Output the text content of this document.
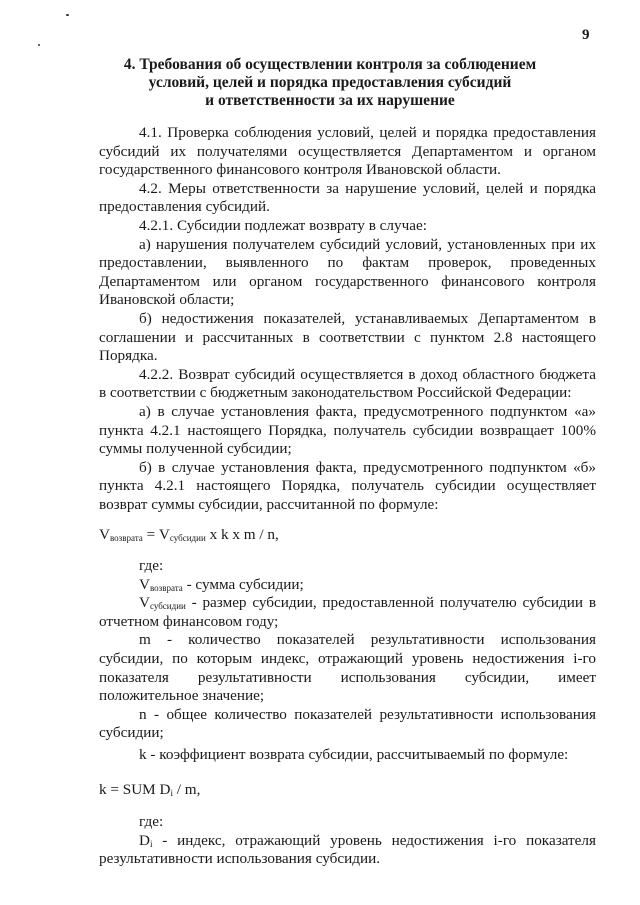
9
4. Требования об осуществлении контроля за соблюдением
условий, целей и порядка предоставления субсидий
и ответственности за их нарушение

4.1. Проверка соблюдения условий, целей и порядка предоставления субсидий их получателями осуществляется Департаментом и органом государственного финансового контроля Ивановской области.

4.2. Меры ответственности за нарушение условий, целей и порядка предоставления субсидий.

4.2.1. Субсидии подлежат возврату в случае:

а) нарушения получателем субсидий условий, установленных при их предоставлении, выявленного по фактам проверок, проведенных Департаментом или органом государственного финансового контроля Ивановской области;

б) недостижения показателей, устанавливаемых Департаментом в соглашении и рассчитанных в соответствии с пунктом 2.8 настоящего Порядка.

4.2.2. Возврат субсидий осуществляется в доход областного бюджета в соответствии с бюджетным законодательством Российской Федерации:

а) в случае установления факта, предусмотренного подпунктом «а» пункта 4.2.1 настоящего Порядка, получатель субсидии возвращает 100% суммы полученной субсидии;

б) в случае установления факта, предусмотренного подпунктом «б» пункта 4.2.1 настоящего Порядка, получатель субсидии осуществляет возврат суммы субсидии, рассчитанной по формуле:

$V_{возврата} = V_{субсидии}$ x k x m / n,

где:

$V_{возврата}$ - сумма субсидии;

$V_{субсидии}$ - размер субсидии, предоставленной получателю субсидии в отчетном финансовом году;

m - количество показателей результативности использования субсидии, по которым индекс, отражающий уровень недостижения i-го показателя результативности использования субсидии, имеет положительное значение;

n - общее количество показателей результативности использования субсидии;

k - коэффициент возврата субсидии, рассчитываемый по формуле:

k = SUM $D_i$ / m,

где:

$D_i$ - индекс, отражающий уровень недостижения i-го показателя результативности использования субсидии.
